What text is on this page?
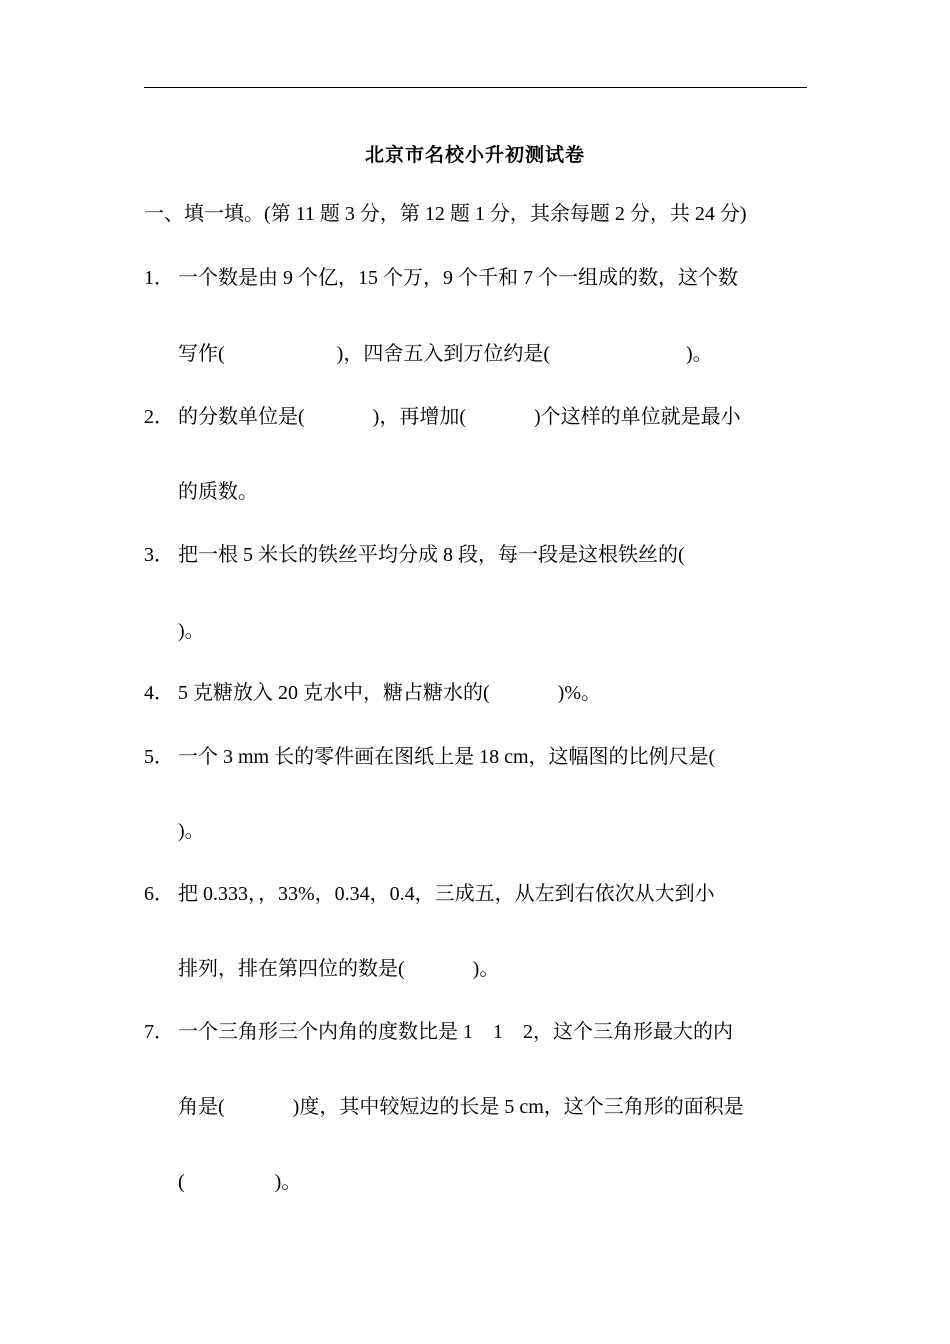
北京市名校小升初测试卷
一、填一填。(第 11 题 3 分，第 12 题 1 分，其余每题 2 分，共 24 分)
1． 一个数是由 9 个亿，15 个万，9 个千和 7 个一组成的数，这个数
写作(	)，四舍五入到万位约是(	)。
2． 的分数单位是(	)，再增加(	)个这样的单位就是最小
的质数。
3． 把一根 5 米长的铁丝平均分成 8 段，每一段是这根铁丝的(
)。
4． 5 克糖放入 20 克水中，糖占糖水的(	)%。
5． 一个 3 mm 长的零件画在图纸上是 18 cm，这幅图的比例尺是(
)。
6． 把 0.333，，33%，0.34，0.4，三成五，从左到右依次从大到小
排列，排在第四位的数是(	)。
7． 一个三角形三个内角的度数比是 1　1　2，这个三角形最大的内
角是(	)度，其中较短边的长是 5 cm，这个三角形的面积是
(	)。
